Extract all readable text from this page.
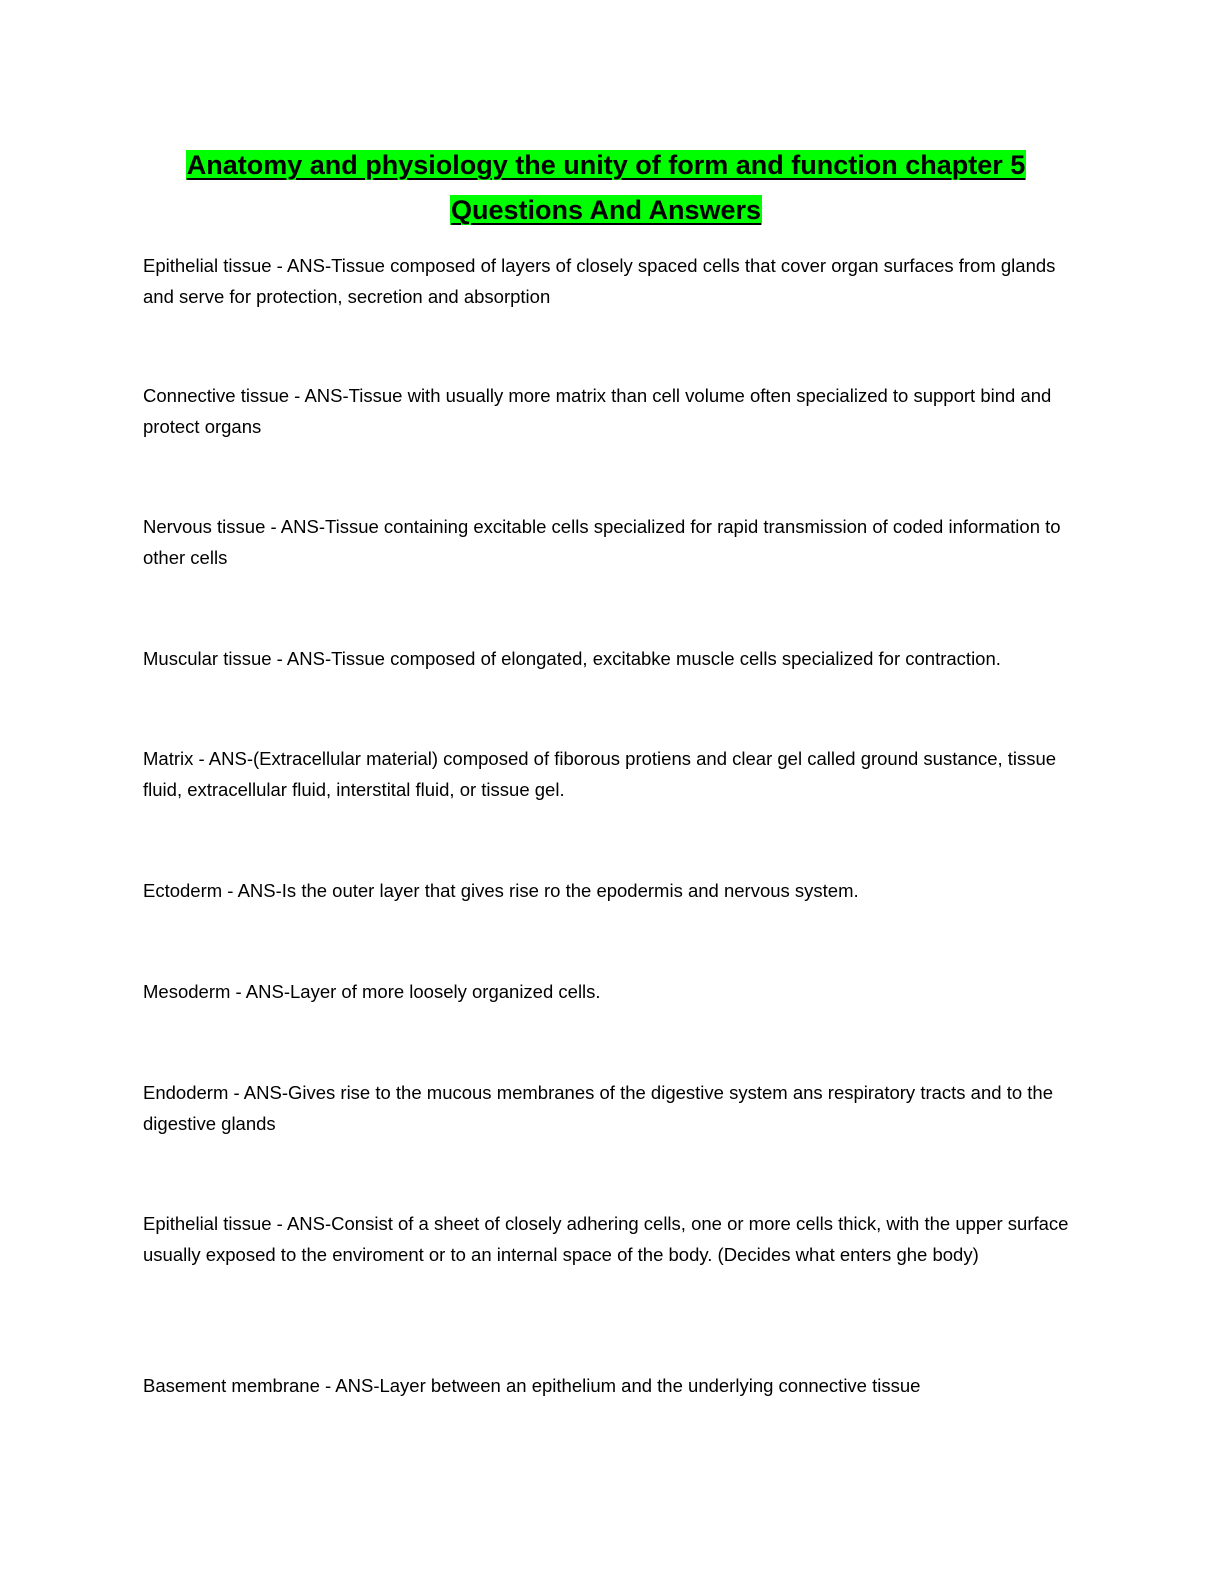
Anatomy and physiology the unity of form and function chapter 5
Questions And Answers

Epithelial tissue - ANS-Tissue composed of layers of closely spaced cells that cover organ surfaces from glands and serve for protection, secretion and absorption

Connective tissue - ANS-Tissue with usually more matrix than cell volume often specialized to support bind and protect organs

Nervous tissue - ANS-Tissue containing excitable cells specialized for rapid transmission of coded information to other cells

Muscular tissue - ANS-Tissue composed of elongated, excitabke muscle cells specialized for contraction.

Matrix - ANS-(Extracellular material) composed of fiborous protiens and clear gel called ground sustance, tissue fluid, extracellular fluid, interstital fluid, or tissue gel.

Ectoderm - ANS-Is the outer layer that gives rise ro the epodermis and nervous system.

Mesoderm - ANS-Layer of more loosely organized cells.

Endoderm - ANS-Gives rise to the mucous membranes of the digestive system ans respiratory tracts and to the digestive glands

Epithelial tissue - ANS-Consist of a sheet of closely adhering cells, one or more cells thick, with the upper surface usually exposed to the enviroment or to an internal space of the body. (Decides what enters ghe body)

Basement membrane - ANS-Layer between an epithelium and the underlying connective tissue
